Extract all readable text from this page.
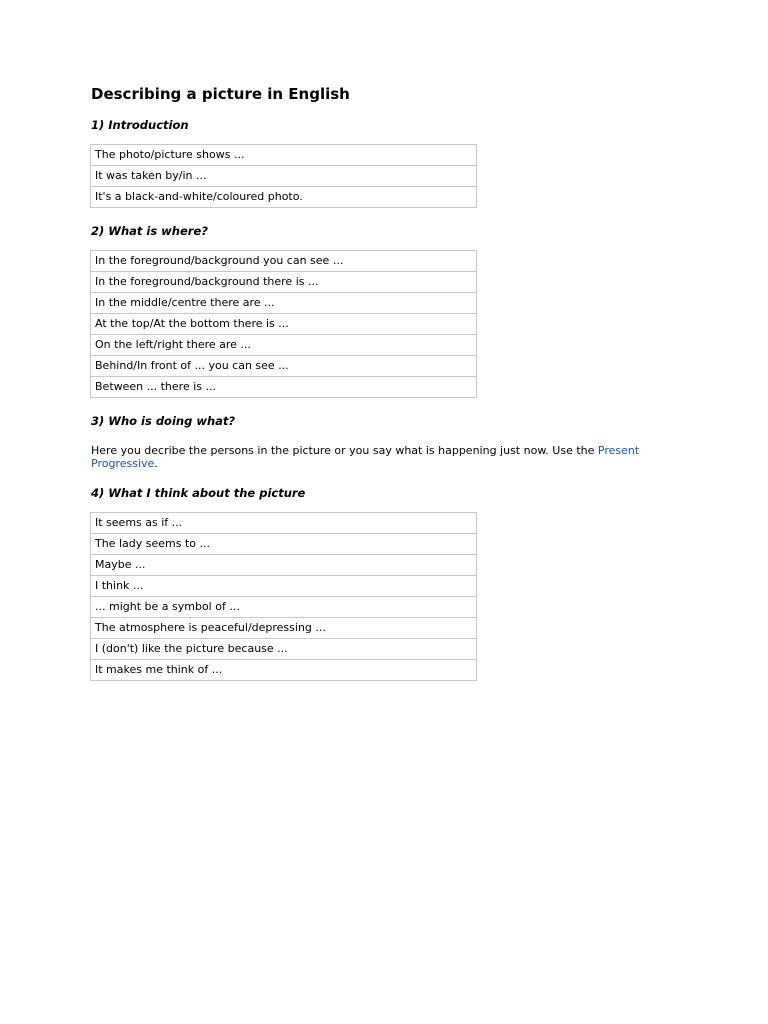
Describing a picture in English
1) Introduction
The photo/picture shows ...
It was taken by/in ...
It's a black-and-white/coloured photo.
2) What is where?
In the foreground/background you can see ...
In the foreground/background there is ...
In the middle/centre there are ...
At the top/At the bottom there is ...
On the left/right there are ...
Behind/In front of ... you can see ...
Between ... there is ...
3) Who is doing what?

Here you decribe the persons in the picture or you say what is happening just now. Use the Present Progressive.

4) What I think about the picture
It seems as if ...
The lady seems to ...
Maybe ...
I think ...
... might be a symbol of ...
The atmosphere is peaceful/depressing ...
I (don't) like the picture because ...
It makes me think of ...
